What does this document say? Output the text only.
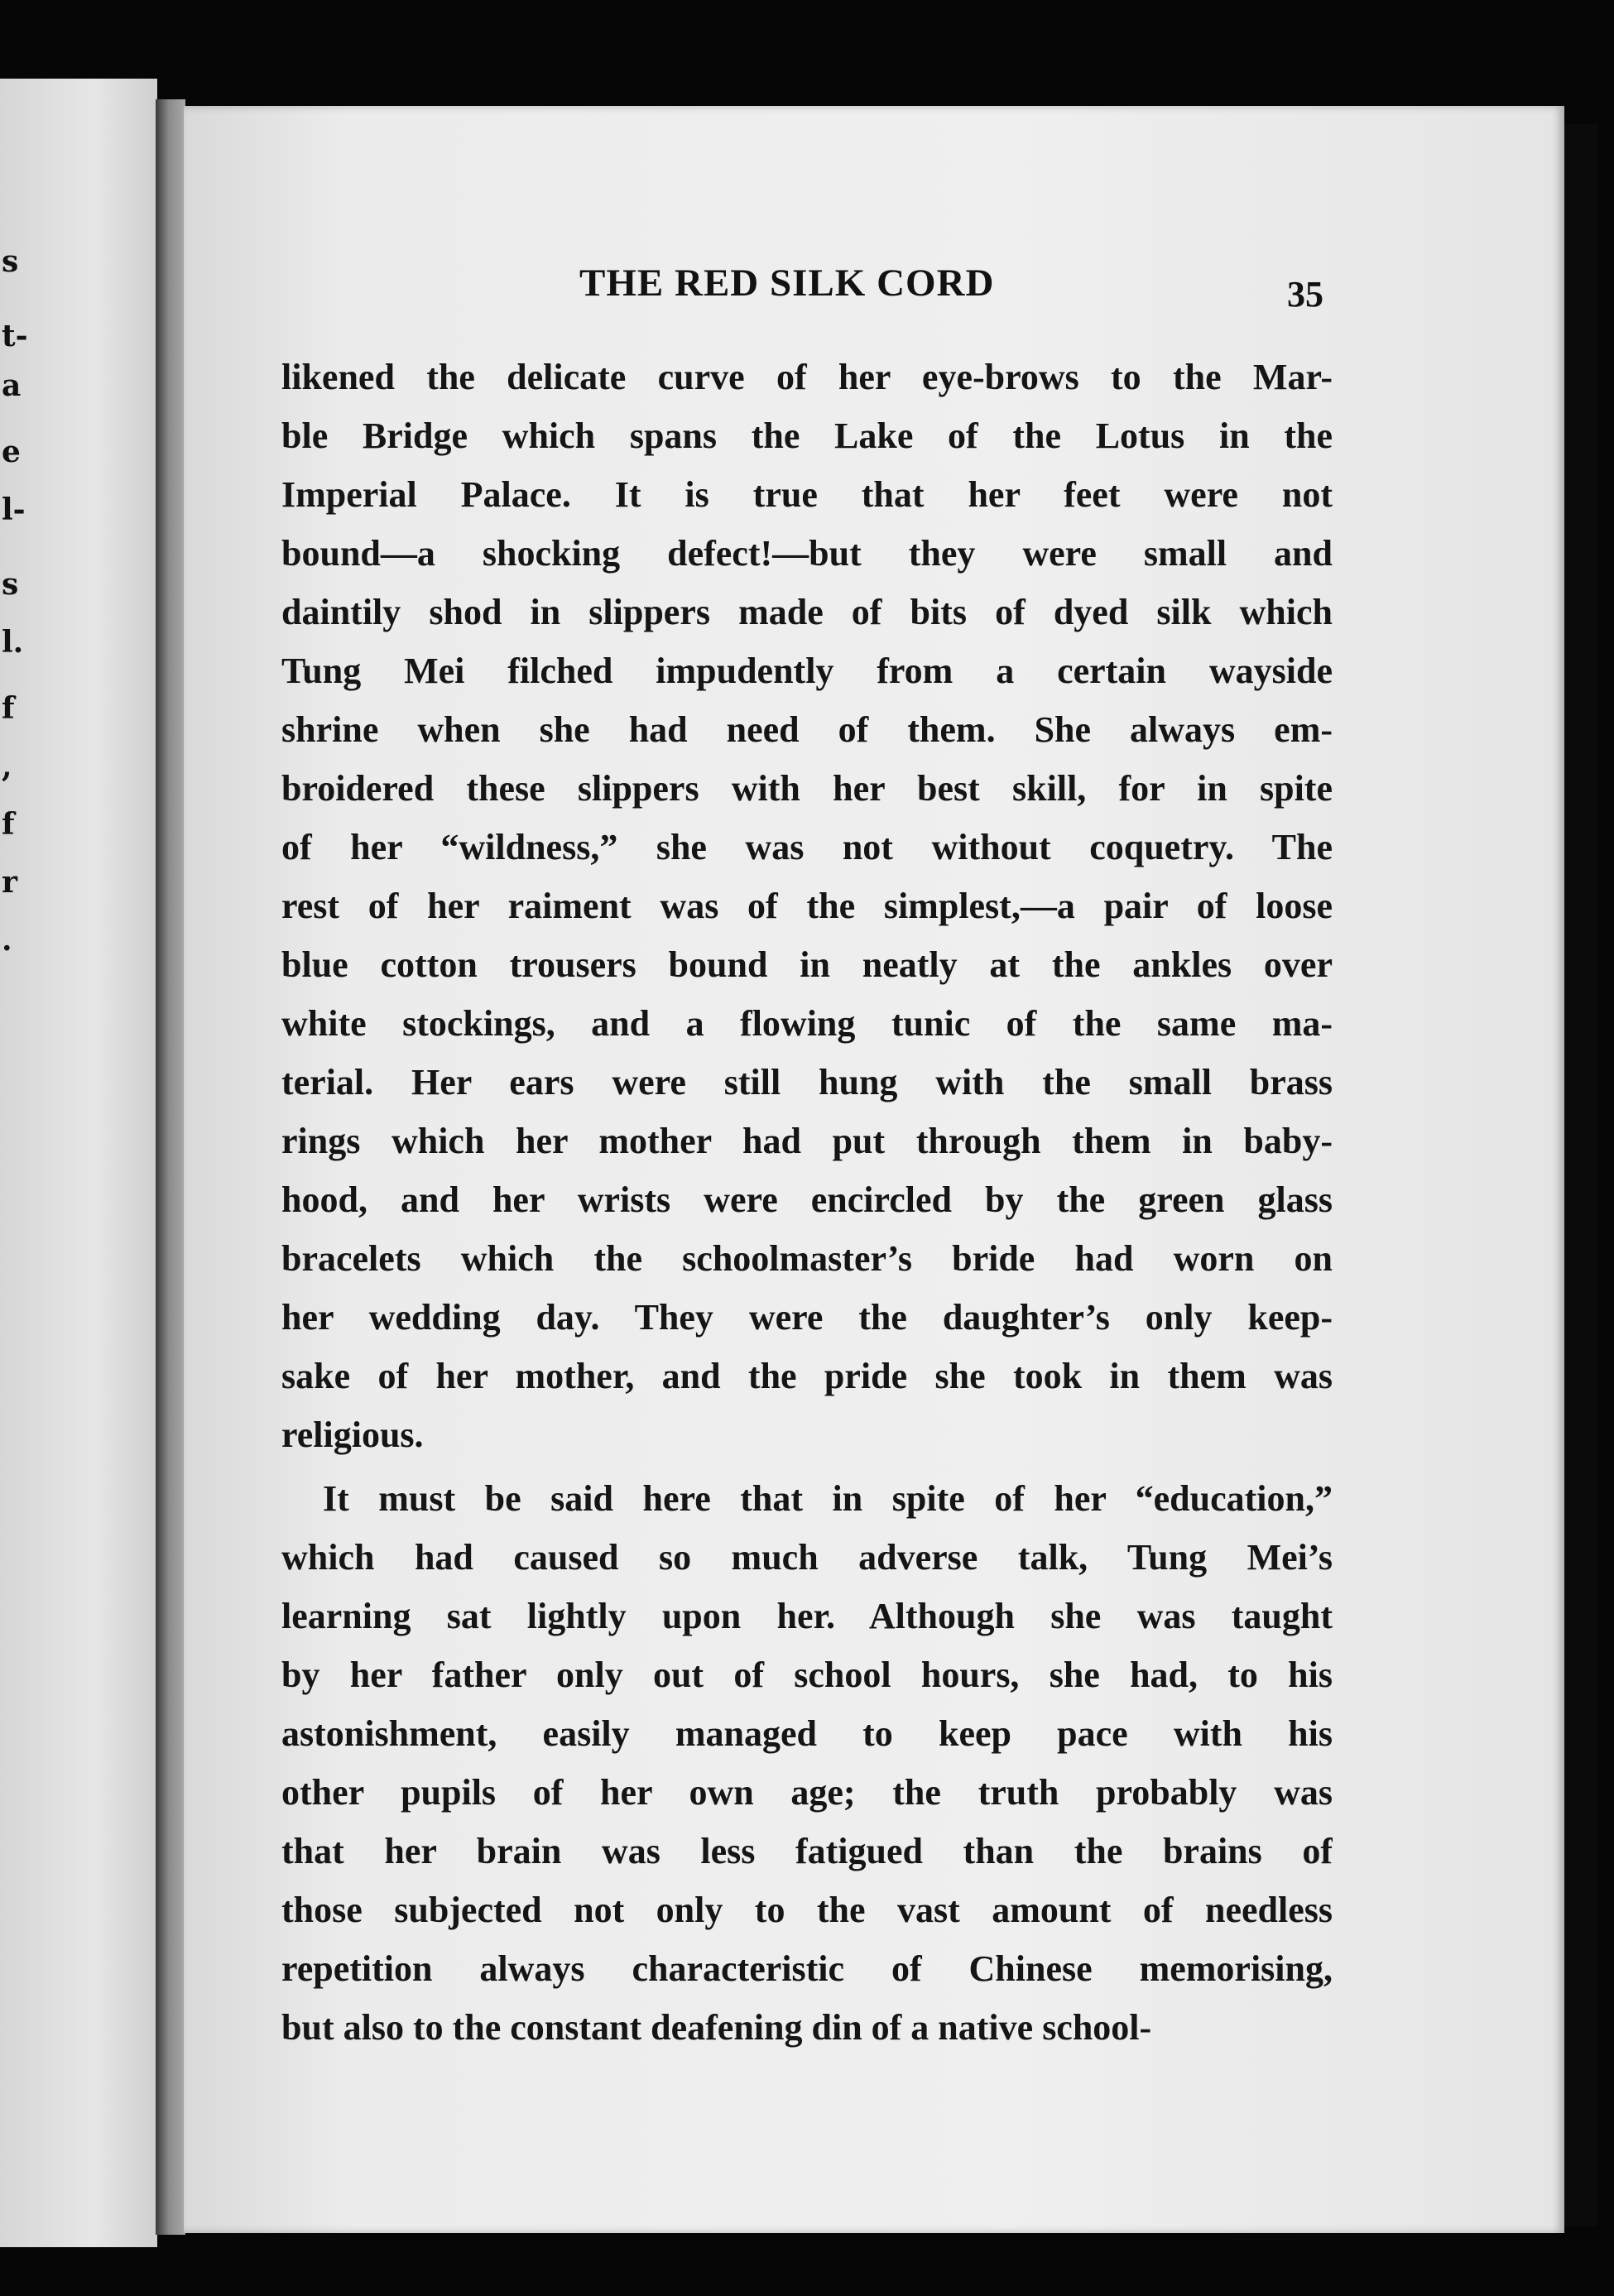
s
t-
a
e
l-
s
l.
f
,
f
r
.
THE RED SILK CORD	35
likened the delicate curve of her eye-brows to the Mar-
ble Bridge which spans the Lake of the Lotus in the
Imperial Palace. It is true that her feet were not
bound—a shocking defect!—but they were small and
daintily shod in slippers made of bits of dyed silk which
Tung Mei filched impudently from a certain wayside
shrine when she had need of them. She always em-
broidered these slippers with her best skill, for in spite
of her “wildness,” she was not without coquetry. The
rest of her raiment was of the simplest,—a pair of loose
blue cotton trousers bound in neatly at the ankles over
white stockings, and a flowing tunic of the same ma-
terial. Her ears were still hung with the small brass
rings which her mother had put through them in baby-
hood, and her wrists were encircled by the green glass
bracelets which the schoolmaster’s bride had worn on
her wedding day. They were the daughter’s only keep-
sake of her mother, and the pride she took in them was
religious.
It must be said here that in spite of her “education,”
which had caused so much adverse talk, Tung Mei’s
learning sat lightly upon her. Although she was taught
by her father only out of school hours, she had, to his
astonishment, easily managed to keep pace with his
other pupils of her own age; the truth probably was
that her brain was less fatigued than the brains of
those subjected not only to the vast amount of needless
repetition always characteristic of Chinese memorising,
but also to the constant deafening din of a native school-
